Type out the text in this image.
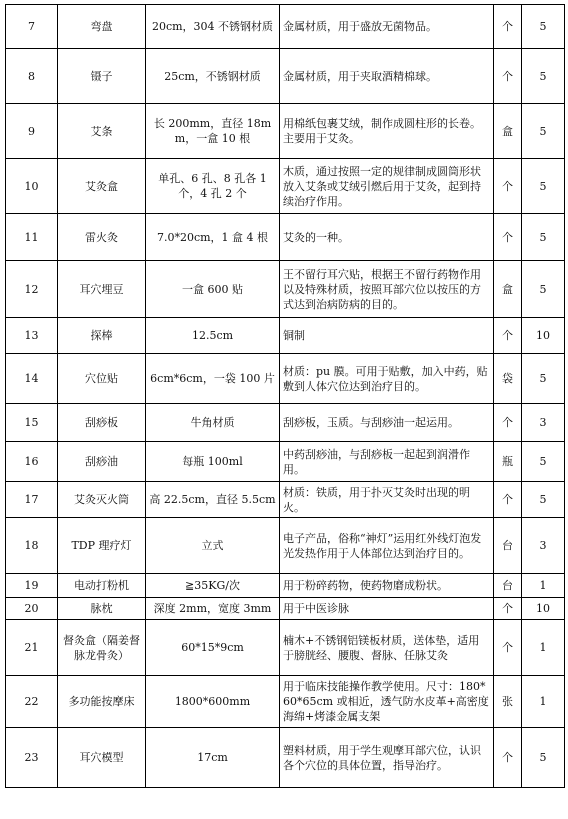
7	弯盘	20cm，304 不锈钢材质	金属材质，用于盛放无菌物品。	个	5
8	镊子	25cm，不锈钢材质	金属材质，用于夹取酒精棉球。	个	5
9	艾条	长 200mm，直径 18mm，一盒 10 根	用棉纸包裹艾绒，制作成圆柱形的长卷。主要用于艾灸。	盒	5
10	艾灸盒	单孔、6 孔、8 孔各 1 个，4 孔 2 个	木质，通过按照一定的规律制成圆筒形状放入艾条或艾绒引燃后用于艾灸，起到持续治疗作用。	个	5
11	雷火灸	7.0*20cm，1 盒 4 根	艾灸的一种。	个	5
12	耳穴埋豆	一盒 600 贴	王不留行耳穴贴，根据王不留行药物作用以及特殊材质，按照耳部穴位以按压的方式达到治病防病的目的。	盒	5
13	探棒	12.5cm	铜制	个	10
14	穴位贴	6cm*6cm，一袋 100 片	材质：pu 膜。可用于贴敷，加入中药，贴敷到人体穴位达到治疗目的。	袋	5
15	刮痧板	牛角材质	刮痧板，玉质。与刮痧油一起运用。	个	3
16	刮痧油	每瓶 100ml	中药刮痧油，与刮痧板一起起到润滑作用。	瓶	5
17	艾灸灭火筒	高 22.5cm，直径 5.5cm	材质：铁质，用于扑灭艾灸时出现的明火。	个	5
18	TDP 理疗灯	立式	电子产品，俗称“神灯”运用红外线灯泡发光发热作用于人体部位达到治疗目的。	台	3
19	电动打粉机	≧35KG/次	用于粉碎药物，使药物磨成粉状。	台	1
20	脉枕	深度 2mm，宽度 3mm	用于中医诊脉	个	10
21	督灸盒（隔姜督脉龙骨灸）	60*15*9cm	楠木+不锈钢铝镁板材质，送体垫，适用于膀胱经、腰腹、督脉、任脉艾灸	个	1
22	多功能按摩床	1800*600mm	用于临床技能操作教学使用。尺寸：180*60*65cm 或相近，透气防水皮革+高密度海绵+烤漆金属支架	张	1
23	耳穴模型	17cm	塑料材质，用于学生观摩耳部穴位，认识各个穴位的具体位置，指导治疗。	个	5
